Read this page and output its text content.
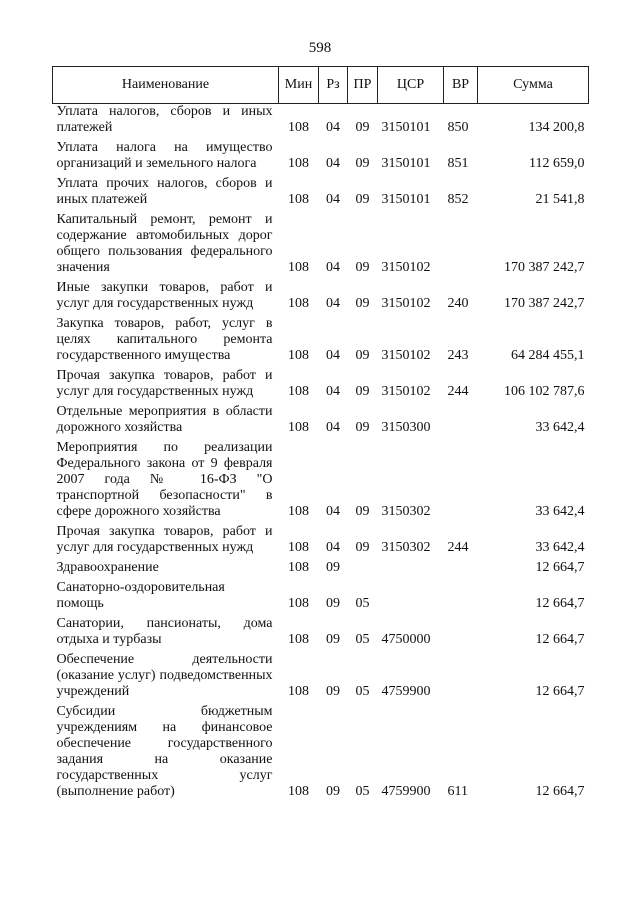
598
Наименование	Мин	Рз	ПР	ЦСР	ВР	Сумма
Уплата налогов, сборов и иных платежей	108	04	09	3150101	850	134 200,8
Уплата налога на имущество организаций и земельного налога	108	04	09	3150101	851	112 659,0
Уплата прочих налогов, сборов и иных платежей	108	04	09	3150101	852	21 541,8
Капитальный ремонт, ремонт и содержание автомобильных дорог общего пользования федерального значения	108	04	09	3150102		170 387 242,7
Иные закупки товаров, работ и услуг для государственных нужд	108	04	09	3150102	240	170 387 242,7
Закупка товаров, работ, услуг в целях капитального ремонта государственного имущества	108	04	09	3150102	243	64 284 455,1
Прочая закупка товаров, работ и услуг для государственных нужд	108	04	09	3150102	244	106 102 787,6
Отдельные мероприятия в области дорожного хозяйства	108	04	09	3150300		33 642,4
Мероприятия по реализации Федерального закона от 9 февраля 2007 года № 16-ФЗ "О транспортной безопасности" в сфере дорожного хозяйства	108	04	09	3150302		33 642,4
Прочая закупка товаров, работ и услуг для государственных нужд	108	04	09	3150302	244	33 642,4
Здравоохранение	108	09				12 664,7
Санаторно-оздоровительная помощь	108	09	05			12 664,7
Санатории, пансионаты, дома отдыха и турбазы	108	09	05	4750000		12 664,7
Обеспечение деятельности (оказание услуг) подведомственных учреждений	108	09	05	4759900		12 664,7
Субсидии бюджетным учреждениям на финансовое обеспечение государственного задания на оказание государственных услуг (выполнение работ)	108	09	05	4759900	611	12 664,7
